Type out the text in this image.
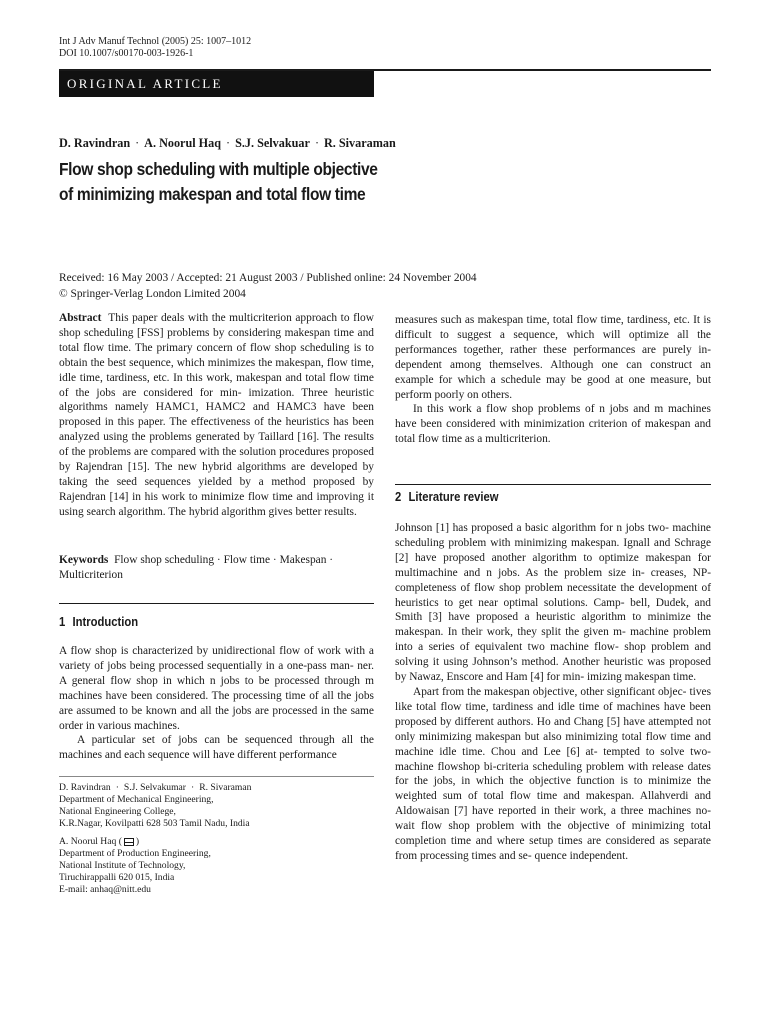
Int J Adv Manuf Technol (2005) 25: 1007–1012
DOI 10.1007/s00170-003-1926-1
ORIGINAL ARTICLE
D. Ravindran · A. Noorul Haq · S.J. Selvakuar · R. Sivaraman
Flow shop scheduling with multiple objective
of minimizing makespan and total flow time
Received: 16 May 2003 / Accepted: 21 August 2003 / Published online: 24 November 2004
© Springer-Verlag London Limited 2004

Abstract This paper deals with the multicriterion approach to flow shop scheduling [FSS] problems by considering makespan time and total flow time. The primary concern of flow shop scheduling is to obtain the best sequence, which minimizes the makespan, flow time, idle time, tardiness, etc. In this work, makespan and total flow time of the jobs are considered for min- imization. Three heuristic algorithms namely HAMC1, HAMC2 and HAMC3 have been proposed in this paper. The effectiveness of the heuristics has been analyzed using the problems generated by Taillard [16]. The results of the problems are compared with the solution procedures proposed by Rajendran [15]. The new hybrid algorithms are developed by taking the seed sequences yielded by a method proposed by Rajendran [14] in his work to minimize flow time and improving it using search algorithm. The hybrid algorithm gives better results.

Keywords Flow shop scheduling · Flow time · Makespan ·
Multicriterion

1 Introduction

A flow shop is characterized by unidirectional flow of work with a variety of jobs being processed sequentially in a one-pass man- ner. A general flow shop in which n jobs to be processed through m machines have been considered. The processing time of all the jobs are assumed to be known and all the jobs are processed in the same order in various machines.

A particular set of jobs can be sequenced through all the machines and each sequence will have different performance

D. Ravindran · S.J. Selvakumar · R. Sivaraman
Department of Mechanical Engineering,
National Engineering College,
K.R.Nagar, Kovilpatti 628 503 Tamil Nadu, India
A. Noorul Haq ( )
Department of Production Engineering,
National Institute of Technology,
Tiruchirappalli 620 015, India
E-mail: anhaq@nitt.edu

measures such as makespan time, total flow time, tardiness, etc. It is difficult to suggest a sequence, which will optimize all the performances together, rather these performances are purely in- dependent among themselves. Although one can construct an example for which a schedule may be good at one measure, but perform poorly on others.

In this work a flow shop problems of n jobs and m machines have been considered with minimization criterion of makespan and total flow time as a multicriterion.

2 Literature review

Johnson [1] has proposed a basic algorithm for n jobs two- machine scheduling problem with minimizing makespan. Ignall and Schrage [2] have proposed another algorithm to optimize makespan for multimachine and n jobs. As the problem size in- creases, NP- completeness of flow shop problem necessitate the development of heuristics to get near optimal solutions. Camp- bell, Dudek, and Smith [3] have proposed a heuristic algorithm to minimize the makespan. In their work, they split the given m- machine problem into a series of equivalent two machine flow- shop problem and solving it using Johnson’s method. Another heuristic was proposed by Nawaz, Enscore and Ham [4] for min- imizing makespan time.

Apart from the makespan objective, other significant objec- tives like total flow time, tardiness and idle time of machines have been proposed by different authors. Ho and Chang [5] have attempted not only minimizing makespan but also minimizing total flow time and machine idle time. Chou and Lee [6] at- tempted to solve two-machine flowshop bi-criteria scheduling problem with release dates for the jobs, in which the objective function is to minimize the weighted sum of total flow time and makespan. Allahverdi and Aldowaisan [7] have reported in their work, a three machines no-wait flow shop problem with the objective of minimizing total completion time and where setup times are considered as separate from processing times and se- quence independent.
